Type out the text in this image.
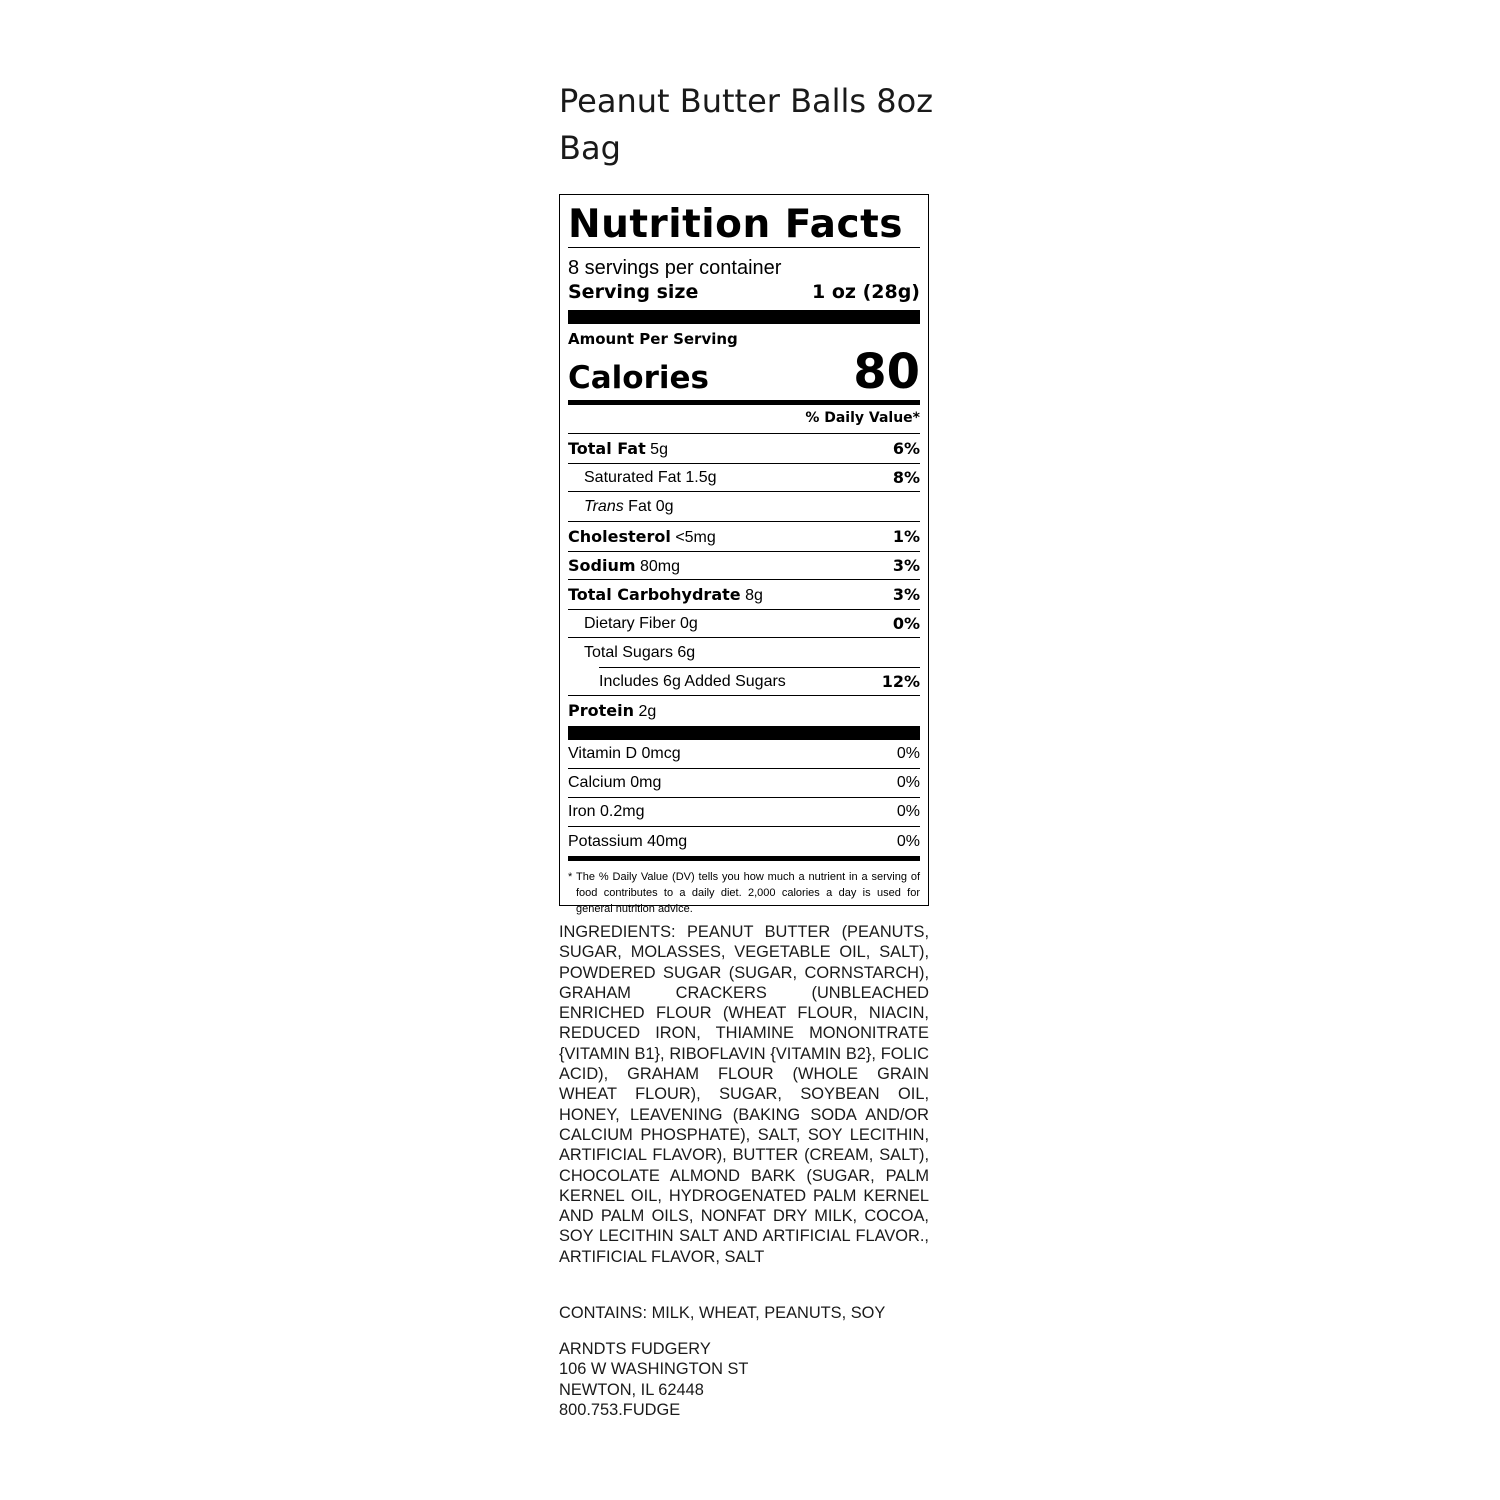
Peanut Butter Balls 8oz Bag
Nutrition Facts
8 servings per container
Serving size	1 oz (28g)
Amount Per Serving
Calories	80
% Daily Value*
Total Fat 5g	6%
Saturated Fat 1.5g	8%
Trans Fat 0g
Cholesterol <5mg	1%
Sodium 80mg	3%
Total Carbohydrate 8g	3%
Dietary Fiber 0g	0%
Total Sugars 6g
Includes 6g Added Sugars	12%
Protein 2g
Vitamin D 0mcg	0%
Calcium 0mg	0%
Iron 0.2mg	0%
Potassium 40mg	0%
* The % Daily Value (DV) tells you how much a nutrient in a serving of food contributes to a daily diet. 2,000 calories a day is used for general nutrition advice.

INGREDIENTS: PEANUT BUTTER (PEANUTS, SUGAR, MOLASSES, VEGETABLE OIL, SALT), POWDERED SUGAR (SUGAR, CORNSTARCH), GRAHAM CRACKERS (UNBLEACHED ENRICHED FLOUR (WHEAT FLOUR, NIACIN, REDUCED IRON, THIAMINE MONONITRATE {VITAMIN B1}, RIBOFLAVIN {VITAMIN B2}, FOLIC ACID), GRAHAM FLOUR (WHOLE GRAIN WHEAT FLOUR), SUGAR, SOYBEAN OIL, HONEY, LEAVENING (BAKING SODA AND/OR CALCIUM PHOSPHATE), SALT, SOY LECITHIN, ARTIFICIAL FLAVOR), BUTTER (CREAM, SALT), CHOCOLATE ALMOND BARK (SUGAR, PALM KERNEL OIL, HYDROGENATED PALM KERNEL AND PALM OILS, NONFAT DRY MILK, COCOA, SOY LECITHIN SALT AND ARTIFICIAL FLAVOR., ARTIFICIAL FLAVOR, SALT

CONTAINS: MILK, WHEAT, PEANUTS, SOY

ARNDTS FUDGERY
106 W WASHINGTON ST
NEWTON, IL 62448
800.753.FUDGE
